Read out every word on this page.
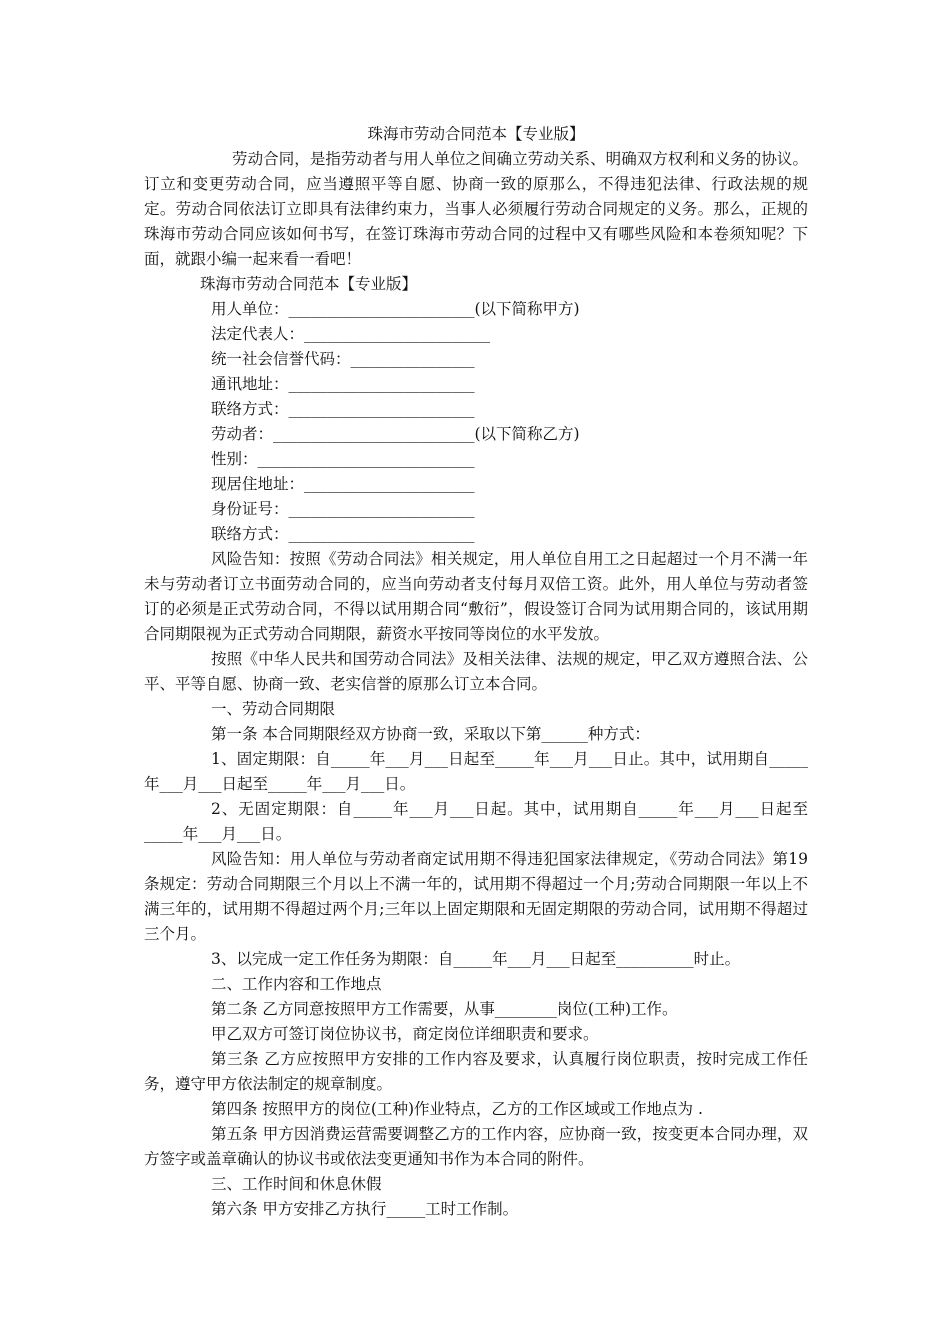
珠海市劳动合同范本【专业版】

劳动合同，是指劳动者与用人单位之间确立劳动关系、明确双方权利和义务的协议。订立和变更劳动合同，应当遵照平等自愿、协商一致的原那么，不得违犯法律、行政法规的规定。劳动合同依法订立即具有法律约束力，当事人必须履行劳动合同规定的义务。那么，正规的珠海市劳动合同应该如何书写，在签订珠海市劳动合同的过程中又有哪些风险和本卷须知呢？下面，就跟小编一起来看一看吧！

珠海市劳动合同范本【专业版】

用人单位：________________________(以下简称甲方)

法定代表人：________________________

统一社会信誉代码：________________

通讯地址：________________________

联络方式：________________________

劳动者：__________________________(以下简称乙方)

性别：____________________________

现居住地址：______________________

身份证号：________________________

联络方式：________________________

风险告知：按照《劳动合同法》相关规定，用人单位自用工之日起超过一个月不满一年未与劳动者订立书面劳动合同的，应当向劳动者支付每月双倍工资。此外，用人单位与劳动者签订的必须是正式劳动合同，不得以试用期合同“敷衍”，假设签订合同为试用期合同的，该试用期合同期限视为正式劳动合同期限，薪资水平按同等岗位的水平发放。

按照《中华人民共和国劳动合同法》及相关法律、法规的规定，甲乙双方遵照合法、公平、平等自愿、协商一致、老实信誉的原那么订立本合同。

一、劳动合同期限

第一条 本合同期限经双方协商一致，采取以下第______种方式：

1、固定期限：自_____年___月___日起至_____年___月___日止。其中，试用期自_____年___月___日起至_____年___月___日。

2、无固定期限：自_____年___月___日起。其中，试用期自_____年___月___日起至_____年___月___日。

风险告知：用人单位与劳动者商定试用期不得违犯国家法律规定，《劳动合同法》第19条规定：劳动合同期限三个月以上不满一年的，试用期不得超过一个月;劳动合同期限一年以上不满三年的，试用期不得超过两个月;三年以上固定期限和无固定期限的劳动合同，试用期不得超过三个月。

3、以完成一定工作任务为期限：自_____年___月___日起至__________时止。

二、工作内容和工作地点

第二条 乙方同意按照甲方工作需要，从事________岗位(工种)工作。

甲乙双方可签订岗位协议书，商定岗位详细职责和要求。

第三条 乙方应按照甲方安排的工作内容及要求，认真履行岗位职责，按时完成工作任务，遵守甲方依法制定的规章制度。

第四条 按照甲方的岗位(工种)作业特点，乙方的工作区域或工作地点为 .

第五条 甲方因消费运营需要调整乙方的工作内容，应协商一致，按变更本合同办理，双方签字或盖章确认的协议书或依法变更通知书作为本合同的附件。

三、工作时间和休息休假

第六条 甲方安排乙方执行_____工时工作制。
